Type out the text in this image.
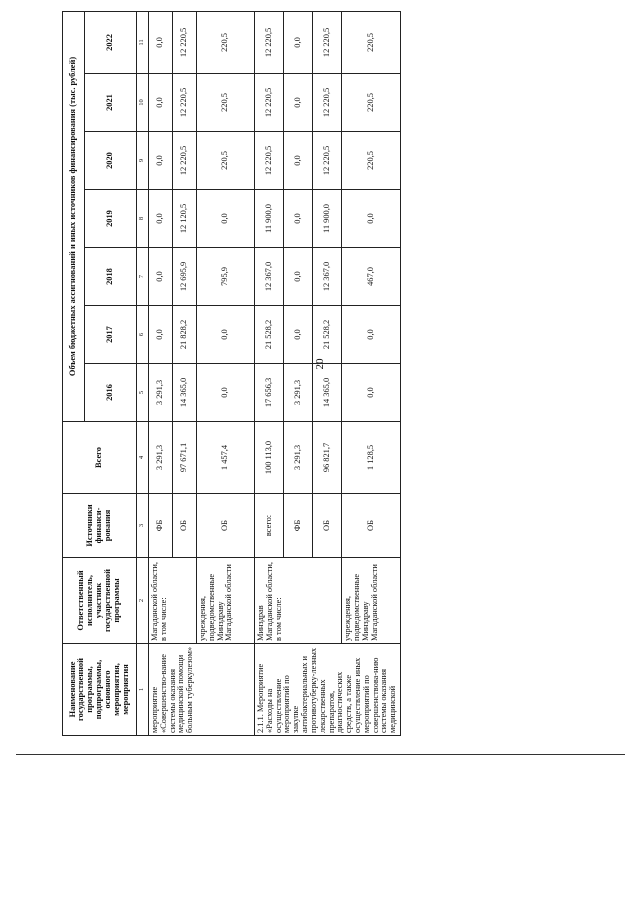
20
Наименование государственной программы, подпрограммы, основного мероприятия, мероприятия	Ответственный исполнитель, участник государственной программы	Источники финанси-рования	Всего	Объем бюджетных ассигнований и иных источников финансирования (тыс. рублей)						
				2016	2017	2018	2019	2020	2021	2022
1	2	3	4	5	6	7	8	9	10	11
мероприятие «Совершенство-вание системы оказания медицинской помощи больным туберкулезом»	Магаданской области, в том числе:	ФБ	3 291,3	3 291,3	0,0	0,0	0,0	0,0	0,0	0,0
		ОБ	97 671,1	14 365,0	21 828,2	12 695,9	12 120,5	12 220,5	12 220,5	12 220,5
	учреждения, подведомственные Минздраву Магаданской области	ОБ	1 457,4	0,0	0,0	795,9	0,0	220,5	220,5	220,5
2.1.1. Мероприятие «Расходы на осуществление мероприятий по закупке антибактериальных и противотуберку-лезных лекарственных препаратов, диагностических средств, а также осуществление иных мероприятий по совершенствова-нию системы оказания медицинской	Минздрав Магаданской области, в том числе:	всего:	100 113,0	17 656,3	21 528,2	12 367,0	11 900,0	12 220,5	12 220,5	12 220,5
		ФБ	3 291,3	3 291,3	0,0	0,0	0,0	0,0	0,0	0,0
		ОБ	96 821,7	14 365,0	21 528,2	12 367,0	11 900,0	12 220,5	12 220,5	12 220,5
	учреждения, подведомственные Минздраву Магаданской области	ОБ	1 128,5	0,0	0,0	467,0	0,0	220,5	220,5	220,5
